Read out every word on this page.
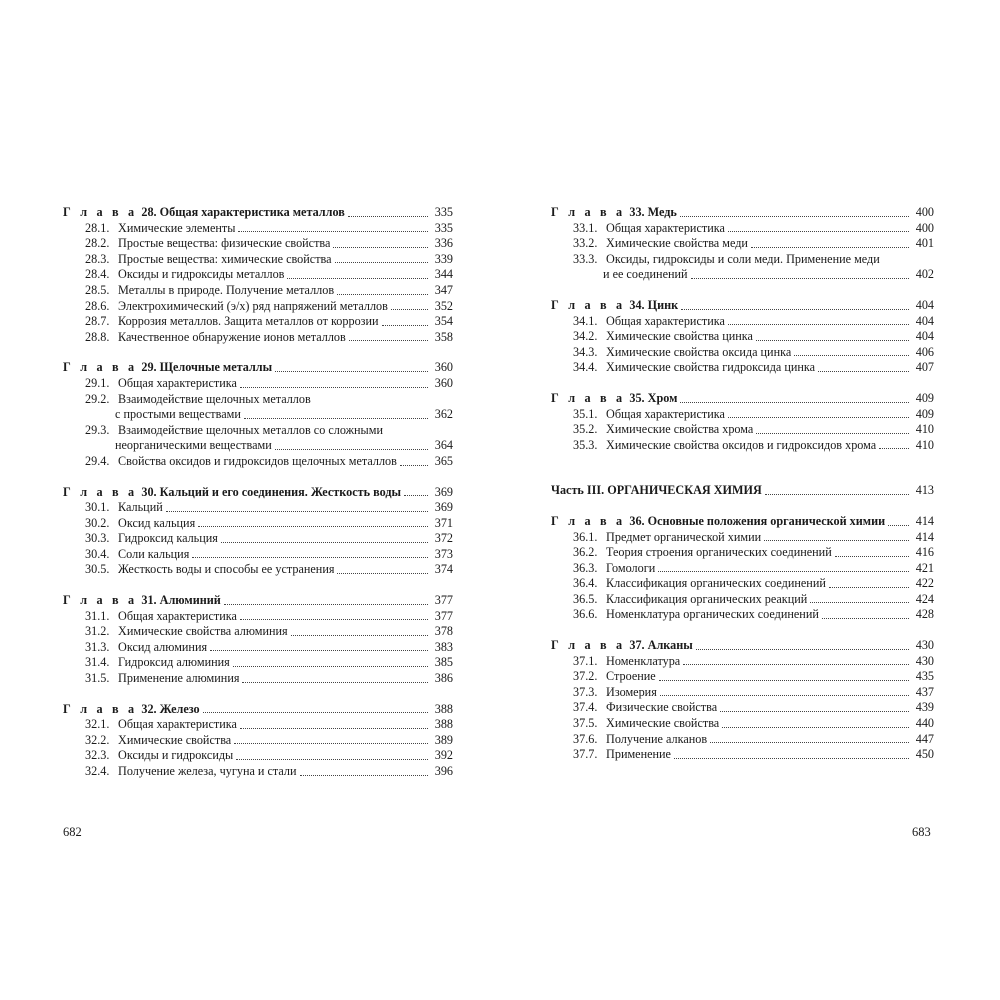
Г л а в а 28. Общая характеристика металлов	335
28.1. Химические элементы	335
28.2. Простые вещества: физические свойства	336
28.3. Простые вещества: химические свойства	339
28.4. Оксиды и гидроксиды металлов	344
28.5. Металлы в природе. Получение металлов	347
28.6. Электрохимический (э/х) ряд напряжений металлов	352
28.7. Коррозия металлов. Защита металлов от коррозии	354
28.8. Качественное обнаружение ионов металлов	358
Г л а в а 29. Щелочные металлы	360
29.1. Общая характеристика	360
29.2. Взаимодействие щелочных металлов
с простыми веществами	362
29.3. Взаимодействие щелочных металлов со сложными
неорганическими веществами	364
29.4. Свойства оксидов и гидроксидов щелочных металлов	365
Г л а в а 30. Кальций и его соединения. Жесткость воды	369
30.1. Кальций	369
30.2. Оксид кальция	371
30.3. Гидроксид кальция	372
30.4. Соли кальция	373
30.5. Жесткость воды и способы ее устранения	374
Г л а в а 31. Алюминий	377
31.1. Общая характеристика	377
31.2. Химические свойства алюминия	378
31.3. Оксид алюминия	383
31.4. Гидроксид алюминия	385
31.5. Применение алюминия	386
Г л а в а 32. Железо	388
32.1. Общая характеристика	388
32.2. Химические свойства	389
32.3. Оксиды и гидроксиды	392
32.4. Получение железа, чугуна и стали	396
Г л а в а 33. Медь	400
33.1. Общая характеристика	400
33.2. Химические свойства меди	401
33.3. Оксиды, гидроксиды и соли меди. Применение меди
и ее соединений	402
Г л а в а 34. Цинк	404
34.1. Общая характеристика	404
34.2. Химические свойства цинка	404
34.3. Химические свойства оксида цинка	406
34.4. Химические свойства гидроксида цинка	407
Г л а в а 35. Хром	409
35.1. Общая характеристика	409
35.2. Химические свойства хрома	410
35.3. Химические свойства оксидов и гидроксидов хрома	410
Часть III. ОРГАНИЧЕСКАЯ ХИМИЯ	413
Г л а в а 36. Основные положения органической химии	414
36.1. Предмет органической химии	414
36.2. Теория строения органических соединений	416
36.3. Гомологи	421
36.4. Классификация органических соединений	422
36.5. Классификация органических реакций	424
36.6. Номенклатура органических соединений	428
Г л а в а 37. Алканы	430
37.1. Номенклатура	430
37.2. Строение	435
37.3. Изомерия	437
37.4. Физические свойства	439
37.5. Химические свойства	440
37.6. Получение алканов	447
37.7. Применение	450
682	683
